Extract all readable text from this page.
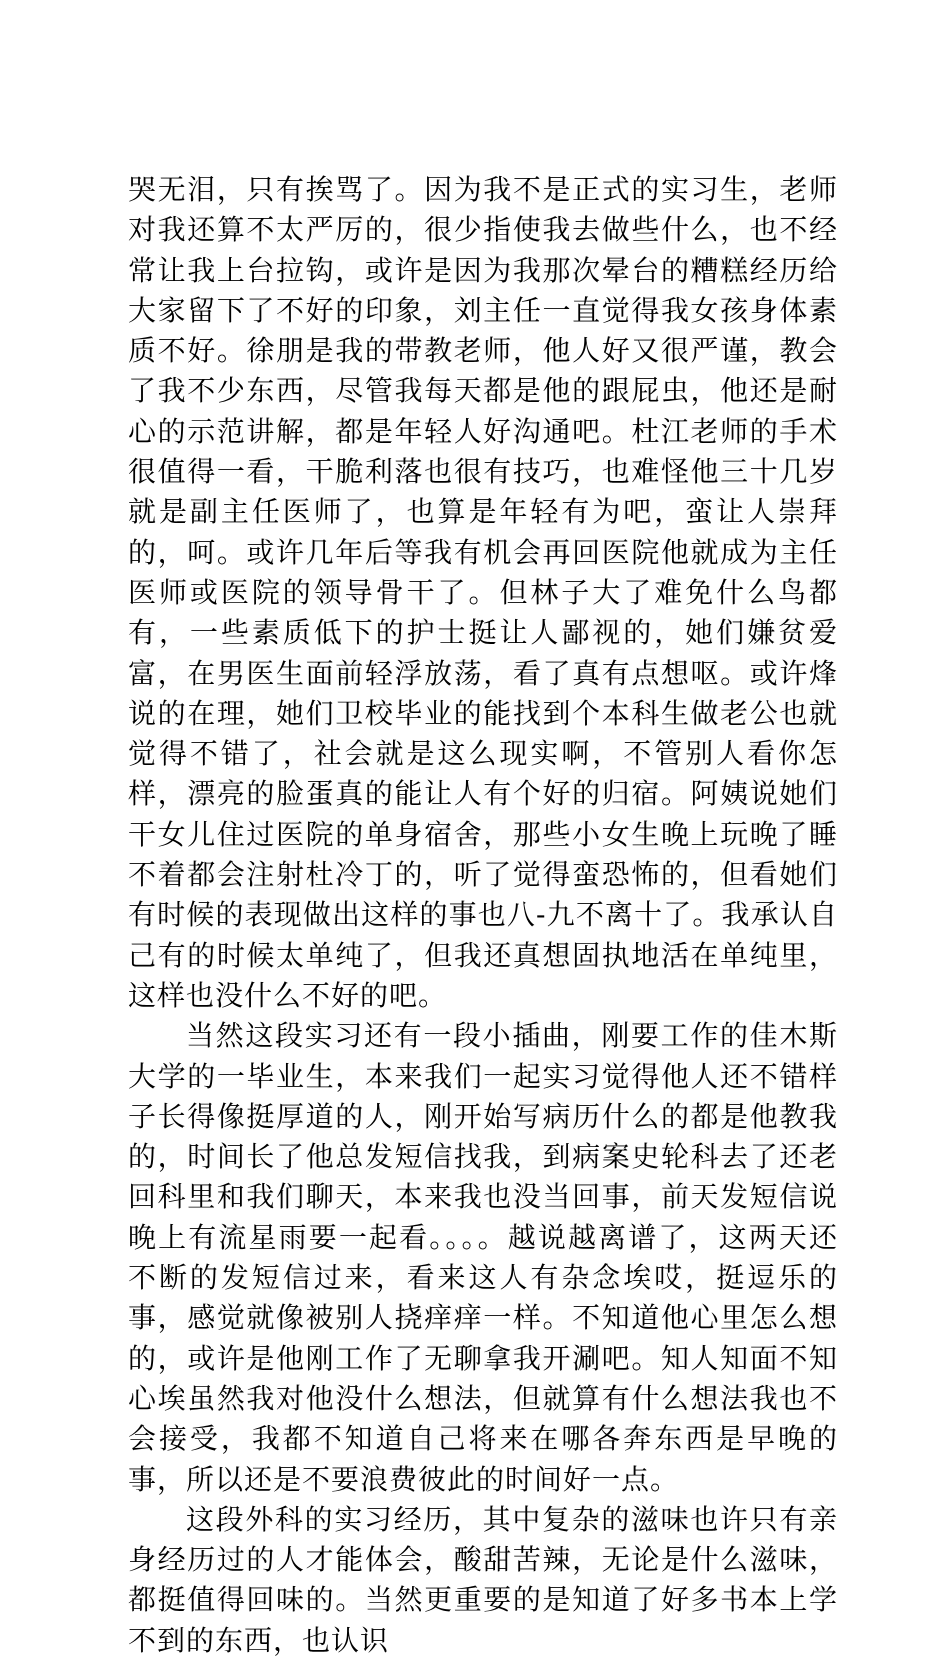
哭无泪，只有挨骂了。因为我不是正式的实习生，老师对我还算不太严厉的，很少指使我去做些什么，也不经常让我上台拉钩，或许是因为我那次晕台的糟糕经历给大家留下了不好的印象，刘主任一直觉得我女孩身体素质不好。徐朋是我的带教老师，他人好又很严谨，教会了我不少东西，尽管我每天都是他的跟屁虫，他还是耐心的示范讲解，都是年轻人好沟通吧。杜江老师的手术很值得一看，干脆利落也很有技巧，也难怪他三十几岁就是副主任医师了，也算是年轻有为吧，蛮让人崇拜的，呵。或许几年后等我有机会再回医院他就成为主任医师或医院的领导骨干了。但林子大了难免什么鸟都有，一些素质低下的护士挺让人鄙视的，她们嫌贫爱富，在男医生面前轻浮放荡，看了真有点想呕。或许烽说的在理，她们卫校毕业的能找到个本科生做老公也就觉得不错了，社会就是这么现实啊，不管别人看你怎样，漂亮的脸蛋真的能让人有个好的归宿。阿姨说她们干女儿住过医院的单身宿舍，那些小女生晚上玩晚了睡不着都会注射杜冷丁的，听了觉得蛮恐怖的，但看她们有时候的表现做出这样的事也八-九不离十了。我承认自己有的时候太单纯了，但我还真想固执地活在单纯里，这样也没什么不好的吧。

当然这段实习还有一段小插曲，刚要工作的佳木斯大学的一毕业生，本来我们一起实习觉得他人还不错样子长得像挺厚道的人，刚开始写病历什么的都是他教我的，时间长了他总发短信找我，到病案史轮科去了还老回科里和我们聊天，本来我也没当回事，前天发短信说晚上有流星雨要一起看。。。。越说越离谱了，这两天还不断的发短信过来，看来这人有杂念埃哎，挺逗乐的事，感觉就像被别人挠痒痒一样。不知道他心里怎么想的，或许是他刚工作了无聊拿我开涮吧。知人知面不知心埃虽然我对他没什么想法，但就算有什么想法我也不会接受，我都不知道自己将来在哪各奔东西是早晚的事，所以还是不要浪费彼此的时间好一点。

这段外科的实习经历，其中复杂的滋味也许只有亲身经历过的人才能体会，酸甜苦辣，无论是什么滋味，都挺值得回味的。当然更重要的是知道了好多书本上学不到的东西，也认识
